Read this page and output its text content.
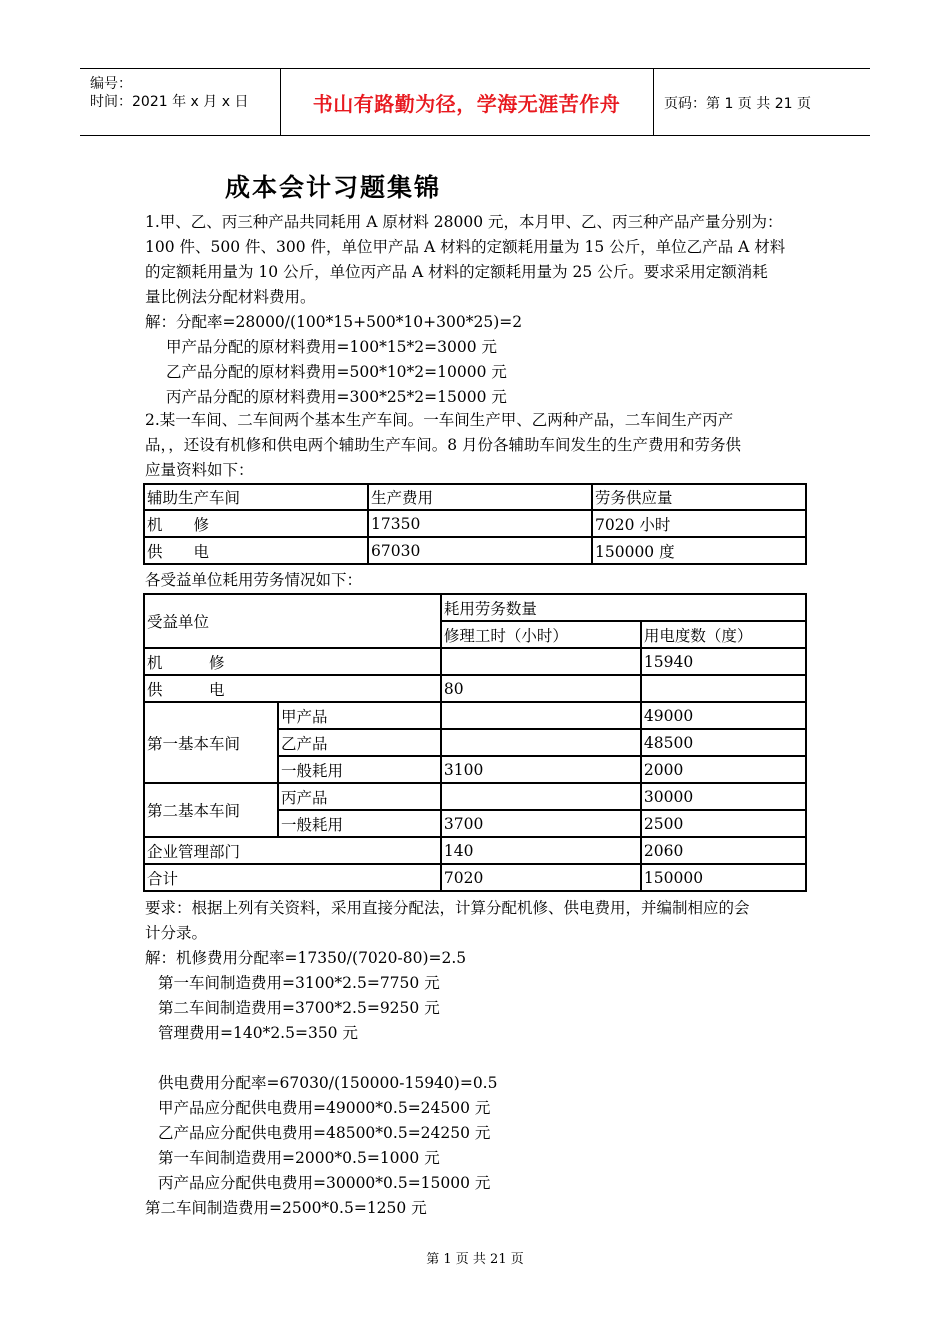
编号：
时间：2021 年 x 月 x 日	书山有路勤为径，学海无涯苦作舟	页码：第 1 页 共 21 页
成本会计习题集锦
1.甲、乙、丙三种产品共同耗用 A 原材料 28000 元，本月甲、乙、丙三种产品产量分别为：
100 件、500 件、300 件，单位甲产品 A 材料的定额耗用量为 15 公斤，单位乙产品 A 材料
的定额耗用量为 10 公斤，单位丙产品 A 材料的定额耗用量为 25 公斤。要求采用定额消耗
量比例法分配材料费用。
解：分配率=28000/(100*15+500*10+300*25)=2
甲产品分配的原材料费用=100*15*2=3000 元
乙产品分配的原材料费用=500*10*2=10000 元
丙产品分配的原材料费用=300*25*2=15000 元
2.某一车间、二车间两个基本生产车间。一车间生产甲、乙两种产品，二车间生产丙产
品，，还设有机修和供电两个辅助生产车间。8 月份各辅助车间发生的生产费用和劳务供
应量资料如下：
辅助生产车间	生产费用	劳务供应量
机　　修	17350	7020 小时
供　　电	67030	150000 度
各受益单位耗用劳务情况如下：
受益单位		耗用劳务数量	
		修理工时（小时）	用电度数（度）
机　　　修			15940
供　　　电		80	
第一基本车间	甲产品		49000
	乙产品		48500
	一般耗用	3100	2000
第二基本车间	丙产品		30000
	一般耗用	3700	2500
企业管理部门		140	2060
合计		7020	150000
要求：根据上列有关资料，采用直接分配法，计算分配机修、供电费用，并编制相应的会
计分录。
解：机修费用分配率=17350/(7020-80)=2.5
第一车间制造费用=3100*2.5=7750 元
第二车间制造费用=3700*2.5=9250 元
管理费用=140*2.5=350 元
供电费用分配率=67030/(150000-15940)=0.5
甲产品应分配供电费用=49000*0.5=24500 元
乙产品应分配供电费用=48500*0.5=24250 元
第一车间制造费用=2000*0.5=1000 元
丙产品应分配供电费用=30000*0.5=15000 元
第二车间制造费用=2500*0.5=1250 元
第 1 页 共 21 页
